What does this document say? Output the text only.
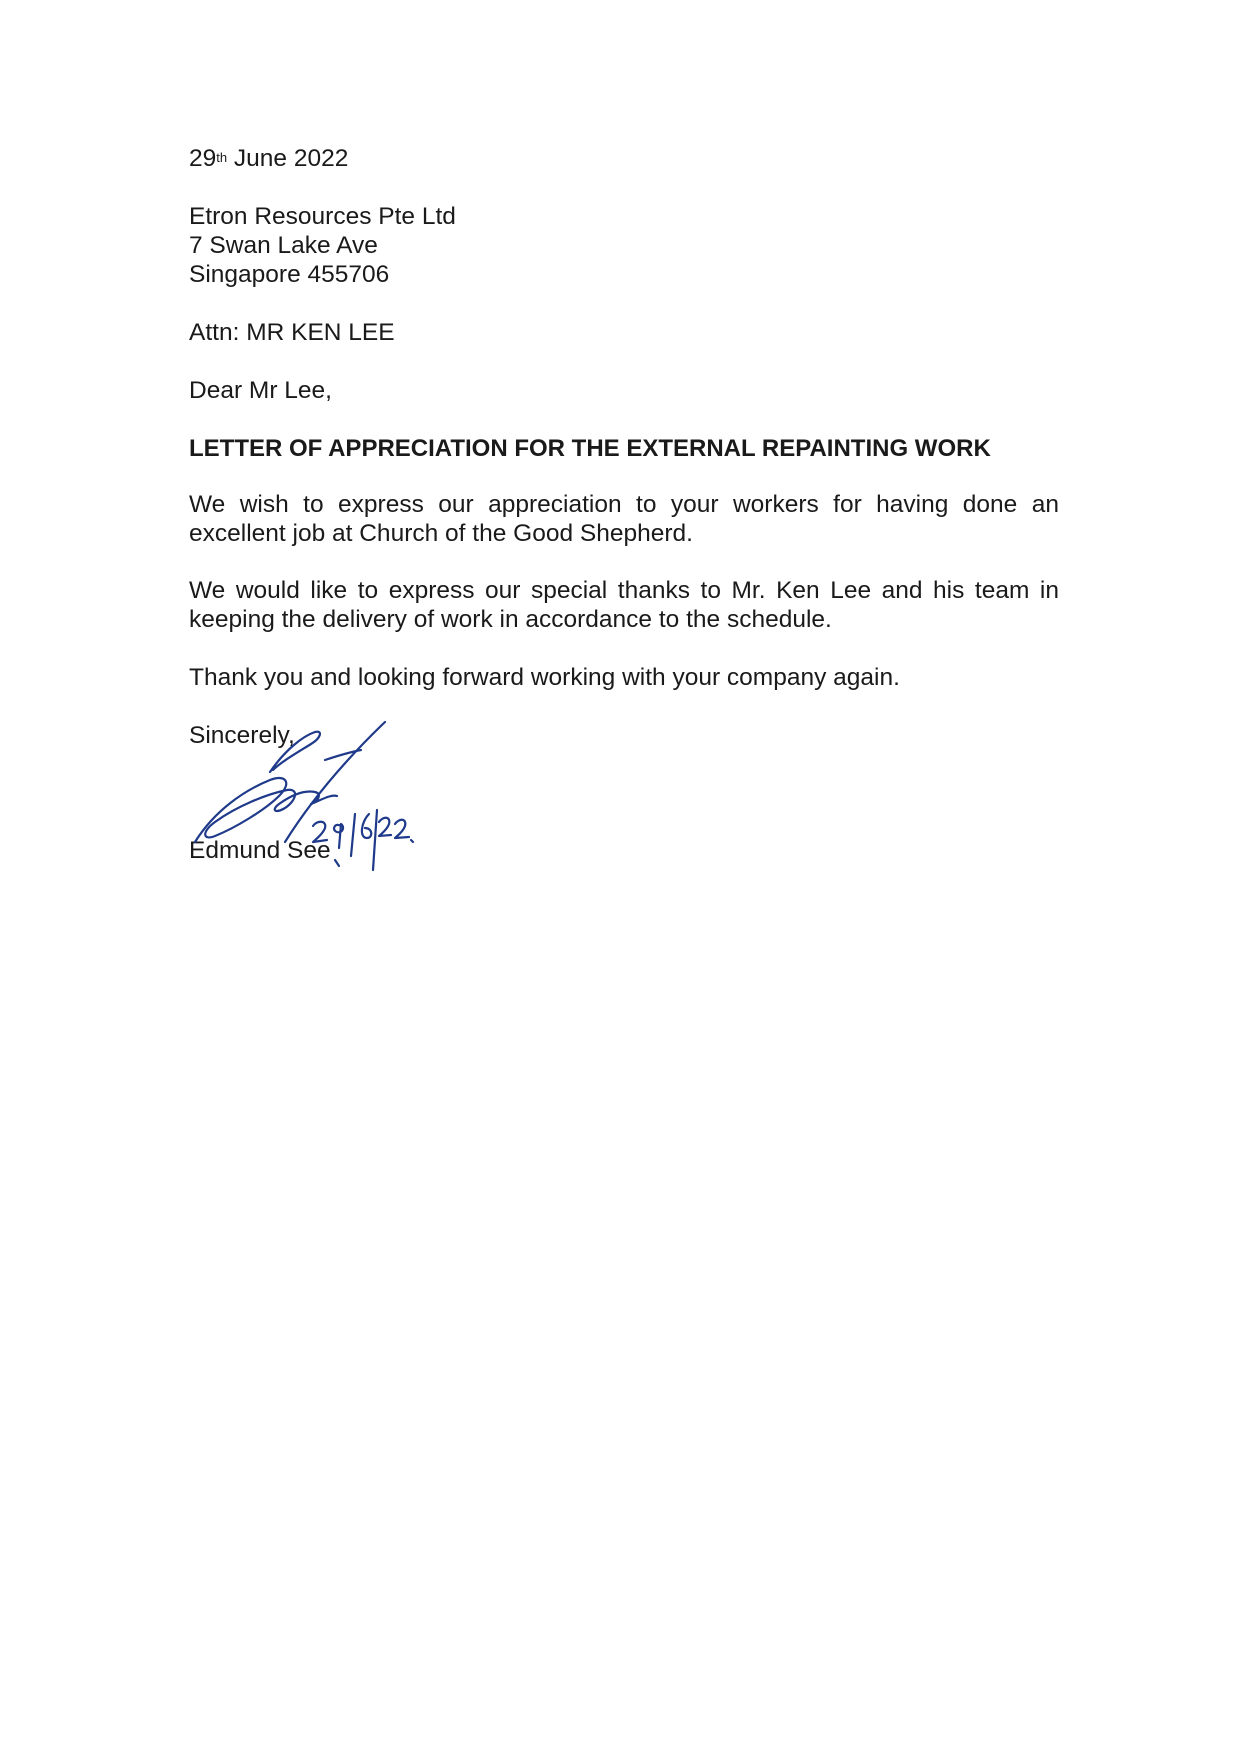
29th June 2022
Etron Resources Pte Ltd
7 Swan Lake Ave
Singapore 455706
Attn: MR KEN LEE
Dear Mr Lee,
LETTER OF APPRECIATION FOR THE EXTERNAL REPAINTING WORK
We wish to express our appreciation to your workers for having done an excellent job at Church of the Good Shepherd.
We would like to express our special thanks to Mr. Ken Lee and his team in keeping the delivery of work in accordance to the schedule.
Thank you and looking forward working with your company again.
Sincerely,
Edmund See
